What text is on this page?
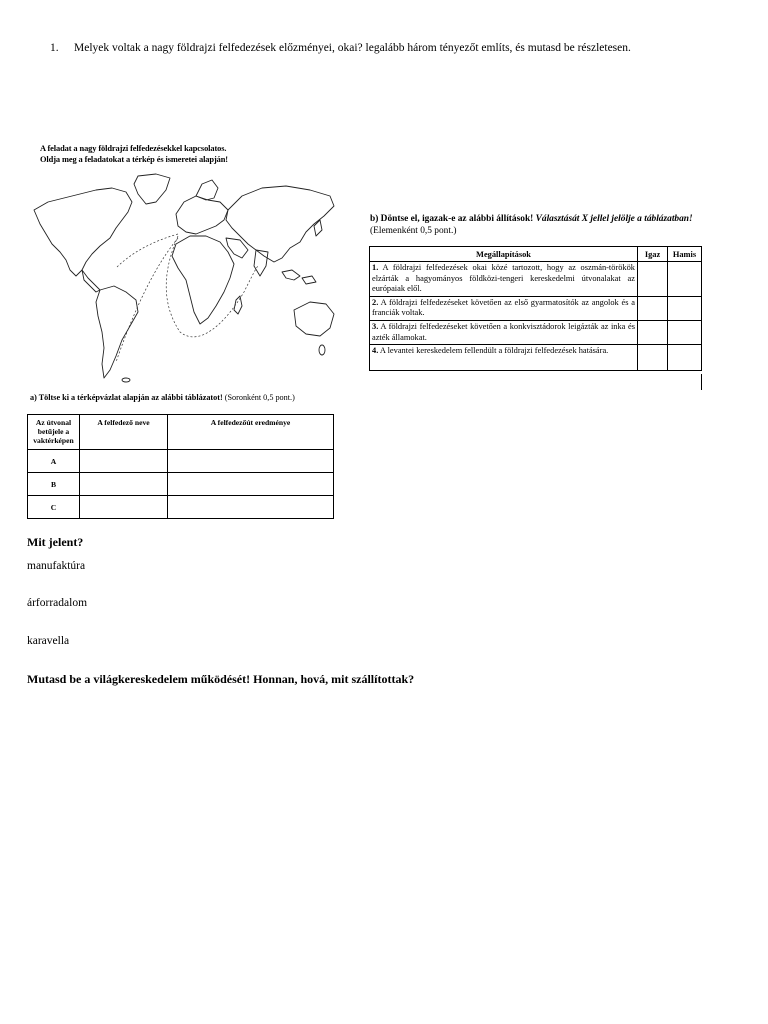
1. Melyek voltak a nagy földrajzi felfedezések előzményei, okai? legalább három tényezőt említs, és mutasd be részletesen.
A feladat a nagy földrajzi felfedezésekkel kapcsolatos.
Oldja meg a feladatokat a térkép és ismeretei alapján!
a) Töltse ki a térképvázlat alapján az alábbi táblázatot! (Soronként 0,5 pont.)
Az útvonal betűjele a vaktérképen	A felfedező neve	A felfedezőút eredménye
A		
B		
C		
b) Döntse el, igazak-e az alábbi állítások! Választását X jellel jelölje a táblázatban!
(Elemenként 0,5 pont.)
Megállapítások	Igaz	Hamis
1. A földrajzi felfedezések okai közé tartozott, hogy az oszmán-törökök elzárták a hagyományos földközi-tengeri kereskedelmi útvonalakat az európaiak elől.		
2. A földrajzi felfedezéseket követően az első gyarmatosítók az angolok és a franciák voltak.		
3. A földrajzi felfedezéseket követően a konkvisztádorok leigázták az inka és azték államokat.		
4. A levantei kereskedelem fellendült a földrajzi felfedezések hatására.		
Mit jelent?
manufaktúra
árforradalom
karavella
Mutasd be a világkereskedelem működését! Honnan, hová, mit szállítottak?
